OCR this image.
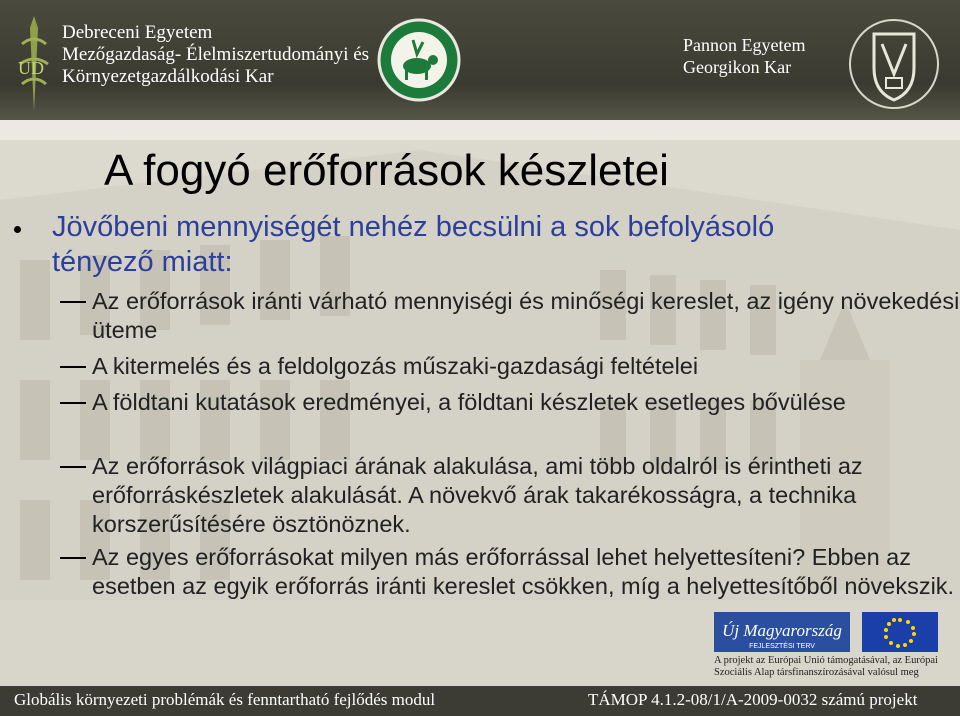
UD
Debreceni Egyetem
Mezőgazdaság- Élelmiszertudományi és
Környezetgazdálkodási Kar
Pannon Egyetem
Georgikon Kar
A fogyó erőforrások készletei
Jövőbeni mennyiségét nehéz becsülni a sok befolyásoló tényező miatt:
Az erőforrások iránti várható mennyiségi és minőségi kereslet, az igény növekedési üteme
A kitermelés és a feldolgozás műszaki-gazdasági feltételei
A földtani kutatások eredményei, a földtani készletek esetleges bővülése
Az erőforrások világpiaci árának alakulása, ami több oldalról is érintheti az erőforráskészletek alakulását. A növekvő árak takarékosságra, a technika korszerűsítésére ösztönöznek.
Az egyes erőforrásokat milyen más erőforrással lehet helyettesíteni? Ebben az esetben az egyik erőforrás iránti kereslet csökken, míg a helyettesítőből növekszik.
Új Magyarország
FEJLESZTÉSI TERV
A projekt az Európai Unió támogatásával, az Európai Szociális Alap társfinanszírozásával valósul meg
Globális környezeti problémák és fenntartható fejlődés modul	TÁMOP 4.1.2-08/1/A-2009-0032 számú projekt
